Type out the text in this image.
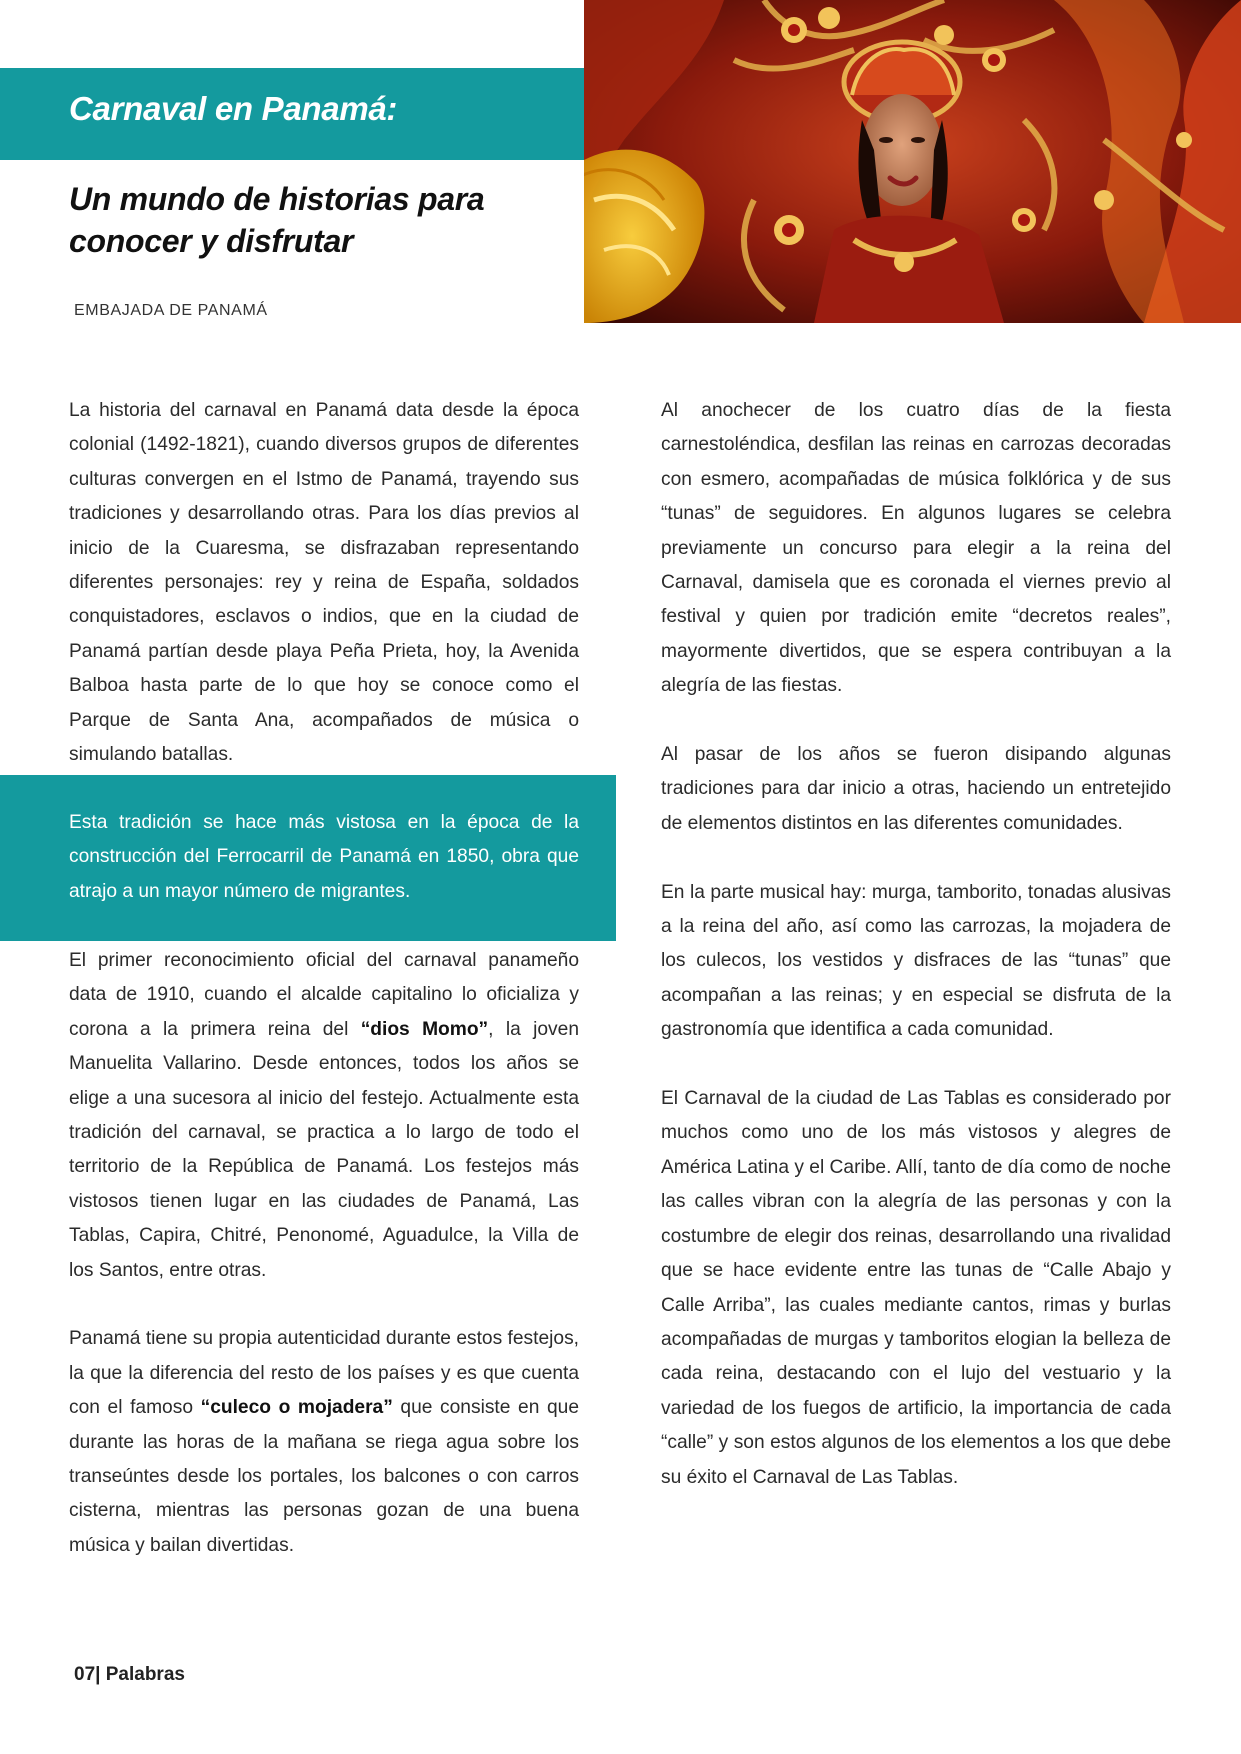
Carnaval en Panamá:
Un mundo de historias para conocer y disfrutar
EMBAJADA DE PANAMÁ

La historia del carnaval en Panamá data desde la época colonial (1492-1821), cuando diversos grupos de diferentes culturas convergen en el Istmo de Panamá, trayendo sus tradiciones y desarrollando otras. Para los días previos al inicio de la Cuaresma, se disfrazaban representando diferentes personajes: rey y reina de España, soldados conquistadores, esclavos o indios, que en la ciudad de Panamá partían desde playa Peña Prieta, hoy, la Avenida Balboa hasta parte de lo que hoy se conoce como el Parque de Santa Ana, acompañados de música o simulando batallas.

Esta tradición se hace más vistosa en la época de la construcción del Ferrocarril de Panamá en 1850, obra que atrajo a un mayor número de migrantes.

El primer reconocimiento oficial del carnaval panameño data de 1910, cuando el alcalde capitalino lo oficializa y corona a la primera reina del “dios Momo”, la joven Manuelita Vallarino. Desde entonces, todos los años se elige a una sucesora al inicio del festejo. Actualmente esta tradición del carnaval, se practica a lo largo de todo el territorio de la República de Panamá. Los festejos más vistosos tienen lugar en las ciudades de Panamá, Las Tablas, Capira, Chitré, Penonomé, Aguadulce, la Villa de los Santos, entre otras.

Panamá tiene su propia autenticidad durante estos festejos, la que la diferencia del resto de los países y es que cuenta con el famoso “culeco o mojadera” que consiste en que durante las horas de la mañana se riega agua sobre los transeúntes desde los portales, los balcones o con carros cisterna, mientras las personas gozan de una buena música y bailan divertidas.

Al anochecer de los cuatro días de la fiesta carnestoléndica, desfilan las reinas en carrozas decoradas con esmero, acompañadas de música folklórica y de sus “tunas” de seguidores. En algunos lugares se celebra previamente un concurso para elegir a la reina del Carnaval, damisela que es coronada el viernes previo al festival y quien por tradición emite “decretos reales”, mayormente divertidos, que se espera contribuyan a la alegría de las fiestas.

Al pasar de los años se fueron disipando algunas tradiciones para dar inicio a otras, haciendo un entretejido de elementos distintos en las diferentes comunidades.

En la parte musical hay: murga, tamborito, tonadas alusivas a la reina del año, así como las carrozas, la mojadera de los culecos, los vestidos y disfraces de las “tunas” que acompañan a las reinas; y en especial se disfruta de la gastronomía que identifica a cada comunidad.

El Carnaval de la ciudad de Las Tablas es considerado por muchos como uno de los más vistosos y alegres de América Latina y el Caribe. Allí, tanto de día como de noche las calles vibran con la alegría de las personas y con la costumbre de elegir dos reinas, desarrollando una rivalidad que se hace evidente entre las tunas de “Calle Abajo y Calle Arriba”, las cuales mediante cantos, rimas y burlas acompañadas de murgas y tamboritos elogian la belleza de cada reina, destacando con el lujo del vestuario y la variedad de los fuegos de artificio, la importancia de cada “calle” y son estos algunos de los elementos a los que debe su éxito el Carnaval de Las Tablas.

07| Palabras
